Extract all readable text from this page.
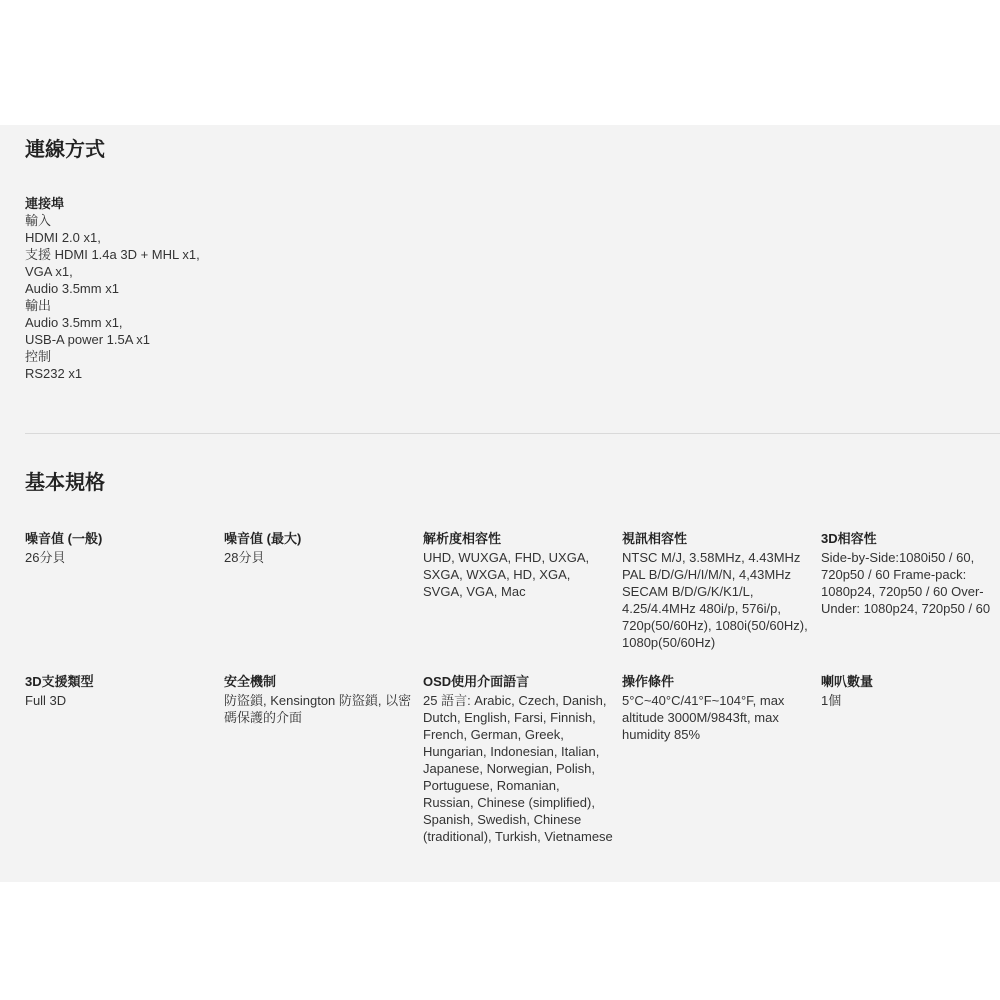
連線方式
連接埠
輸入
HDMI 2.0 x1,
支援 HDMI 1.4a 3D + MHL x1,
VGA x1,
Audio 3.5mm x1
輸出
Audio 3.5mm x1,
USB-A power 1.5A x1
控制
RS232 x1
基本規格
噪音值 (一般)
26分貝
噪音值 (最大)
28分貝
解析度相容性
UHD, WUXGA, FHD, UXGA, SXGA, WXGA, HD, XGA, SVGA, VGA, Mac
視訊相容性
NTSC M/J, 3.58MHz, 4.43MHz PAL B/D/G/H/I/M/N, 4,43MHz SECAM B/D/G/K/K1/L, 4.25/4.4MHz 480i/p, 576i/p, 720p(50/60Hz), 1080i(50/60Hz), 1080p(50/60Hz)
3D相容性
Side-by-Side:1080i50 / 60, 720p50 / 60 Frame-pack: 1080p24, 720p50 / 60 Over-Under: 1080p24, 720p50 / 60
3D支援類型
Full 3D
安全機制
防盜鎖, Kensington 防盜鎖, 以密碼保護的介面
OSD使用介面語言
25 語言: Arabic, Czech, Danish, Dutch, English, Farsi, Finnish, French, German, Greek, Hungarian, Indonesian, Italian, Japanese, Norwegian, Polish, Portuguese, Romanian, Russian, Chinese (simplified), Spanish, Swedish, Chinese (traditional), Turkish, Vietnamese
操作條件
5°C~40°C/41°F~104°F, max altitude 3000M/9843ft, max humidity 85%
喇叭數量
1個
